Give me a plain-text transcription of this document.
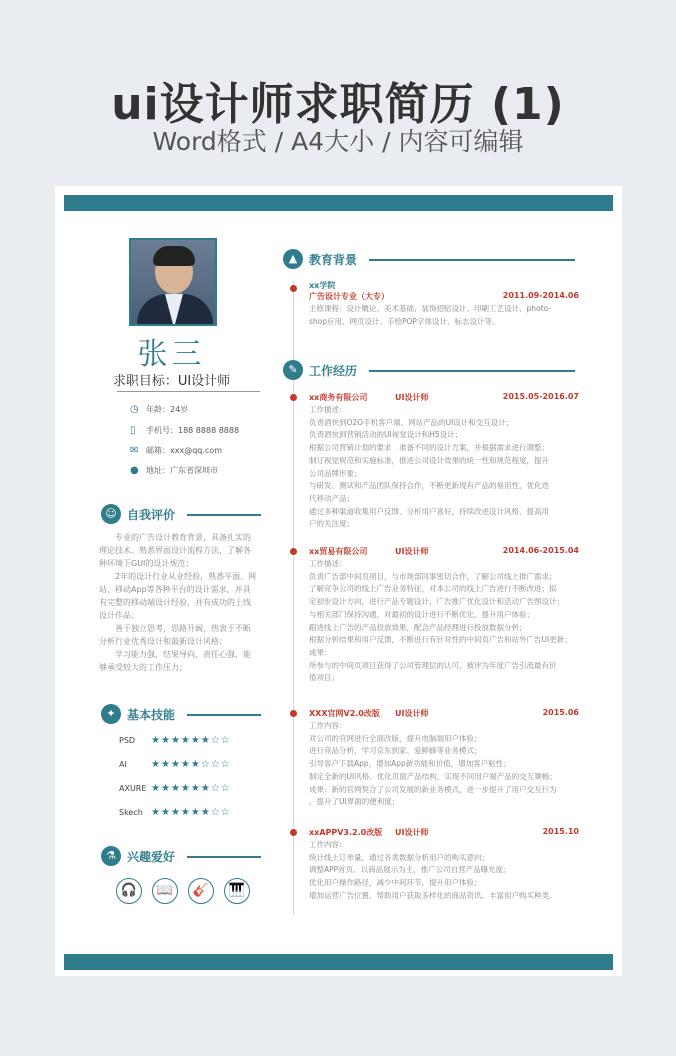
ui设计师求职简历 (1)
Word格式 / A4大小 / 内容可编辑
张三
求职目标：UI设计师
◷ 年龄：24岁
▯ 手机号：188 8888 8888
✉ 邮箱：xxx@qq.com
● 地址：广东省深圳市
☺ 自我评价

专业的广告设计教育背景，具备扎实的
理论技术、熟悉界面设计流程方法，了解各
种环境下GUI的设计规范；

2年的设计行业从业经验，熟悉平面、网
站、移动App等各种平台的设计需求，并具
有完整的移动端设计经验，并有成功的上线
设计作品；

善于独立思考，思路开阔，热衷于不断
分析行业优秀设计和最新设计风格；

学习能力强，结果导向，责任心强，能
够承受较大的工作压力；

✦ 基本技能
PSD	★★★★★★☆☆
AI	★★★★★☆☆☆
AXURE ★★★★★★☆☆
Skech ★★★★★★☆☆
⚗ 兴趣爱好
🎧	📖	🎸	🎹
▲ 教育背景
xx学院
广告设计专业（大专）	2011.09-2014.06
主修课程：设计概论、美术基础、装饰招贴设计、印刷工艺设计、photo-
shop应用、网页设计、手绘POP字体设计、标志设计等。
✎ 工作经历
xx商务有限公司	UI设计师	2015.05-2016.07
工作描述：
负责酒快到O2O手机客户端、网站产品的UI设计和交互设计；
负责酒快到营销活动的UI视觉设计和H5设计；
根据公司营销计划的要求　准备不同的设计方案，并根据需求进行调整；
制订视觉规范和实施标准，推进公司设计效果的统一性和规范程度，提升
公司品牌形象；
与研发、测试和产品团队保持合作，不断更新现有产品的易用性，优化迭
代移动产品；
通过多种渠道收集用户反馈、分析用户喜好，持续改进设计风格，提高用
户的关注度；
xx贸易有限公司	UI设计师	2014.06-2015.04
工作描述：
负责广告部中间页项目，与市场部同事密切合作，了解公司线上推广需求；
了解竞争公司的线上广告业务特征，对本公司的线上广告进行不断改进；拟
定初步设计方向，进行产品专题设计、广告推广优化设计和活动广告图设计；
与相关部门保持沟通，对最初的设计进行不断优化，提升用户体验；
跟进线上广告的产品投放效果，配合产品经理进行投放数据分析；
根据分析结果和用户反馈，不断进行有针对性的中间页广告和站外广告UI更新；
成果：
所参与的中间页项目获得了公司管理层的认可，被评为年度广告引流最有价
值项目；
XXX官网V2.0改版 UI设计师	2015.06
工作内容：
对公司的官网进行全面改版，提升电脑端用户体验；
进行竞品分析，学习京东到家、爱鲜蜂等业务模式；
引导客户下载App，增加App新功能和价值，增加客户粘性；
制定全新的UI风格、优化页面产品结构，实现不同用户端产品的交互顺畅；
成果：新的官网契合了公司发展的新业务模式，进一步提升了用户交互行为
，提升了UI界面的便利度；
xxAPPV3.2.0改版 UI设计师	2015.10
工作内容：
统计线上订单量，通过各类数据分析用户的购买意向；
调整APP首页、以商品展示为主，推广公司自营产品曝光度；
优化用户操作路径，减少中间环节，提升用户体验；
增加运营广告位置，帮助用户获取多样化的商品资讯、丰富用户购买种类。
